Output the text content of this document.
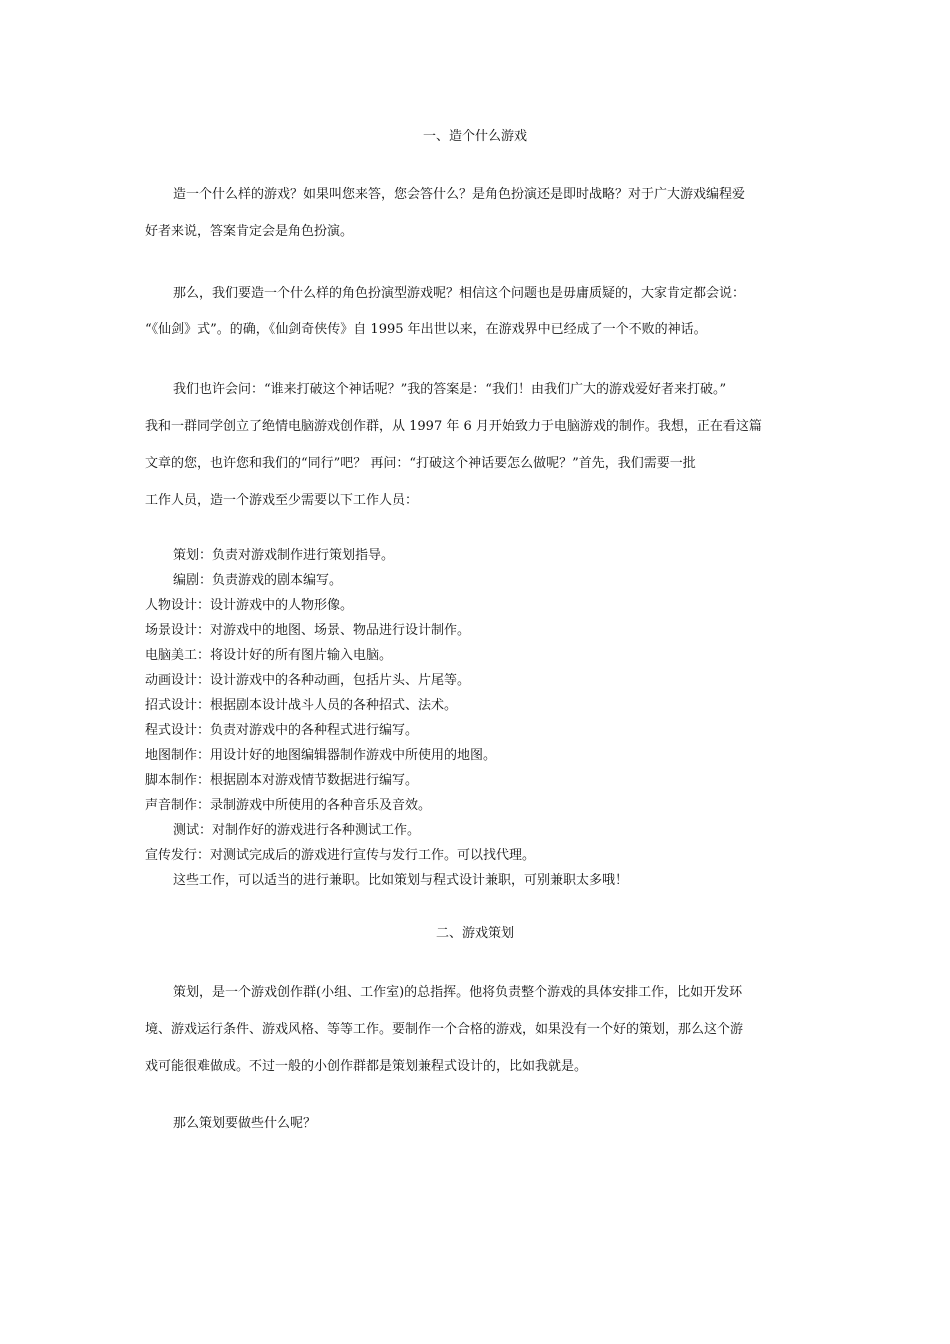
一、造个什么游戏
造一个什么样的游戏？如果叫您来答，您会答什么？是角色扮演还是即时战略？对于广大游戏编程爱
好者来说，答案肯定会是角色扮演。
那么，我们要造一个什么样的角色扮演型游戏呢？相信这个问题也是毋庸质疑的，大家肯定都会说：
“《仙剑》式”。的确，《仙剑奇侠传》自 1995 年出世以来，在游戏界中已经成了一个不败的神话。
我们也许会问：“谁来打破这个神话呢？”我的答案是：“我们！由我们广大的游戏爱好者来打破。”
我和一群同学创立了绝情电脑游戏创作群，从 1997 年 6 月开始致力于电脑游戏的制作。我想，正在看这篇
文章的您，也许您和我们的“同行”吧？ 再问：“打破这个神话要怎么做呢？”首先，我们需要一批
工作人员，造一个游戏至少需要以下工作人员：
策划：负责对游戏制作进行策划指导。
编剧：负责游戏的剧本编写。
人物设计：设计游戏中的人物形像。
场景设计：对游戏中的地图、场景、物品进行设计制作。
电脑美工：将设计好的所有图片输入电脑。
动画设计：设计游戏中的各种动画，包括片头、片尾等。
招式设计：根据剧本设计战斗人员的各种招式、法术。
程式设计：负责对游戏中的各种程式进行编写。
地图制作：用设计好的地图编辑器制作游戏中所使用的地图。
脚本制作：根据剧本对游戏情节数据进行编写。
声音制作：录制游戏中所使用的各种音乐及音效。
测试：对制作好的游戏进行各种测试工作。
宣传发行：对测试完成后的游戏进行宣传与发行工作。可以找代理。
这些工作，可以适当的进行兼职。比如策划与程式设计兼职，可别兼职太多哦！
二、游戏策划
策划，是一个游戏创作群(小组、工作室)的总指挥。他将负责整个游戏的具体安排工作，比如开发环
境、游戏运行条件、游戏风格、等等工作。要制作一个合格的游戏，如果没有一个好的策划，那么这个游
戏可能很难做成。不过一般的小创作群都是策划兼程式设计的，比如我就是。
那么策划要做些什么呢？
